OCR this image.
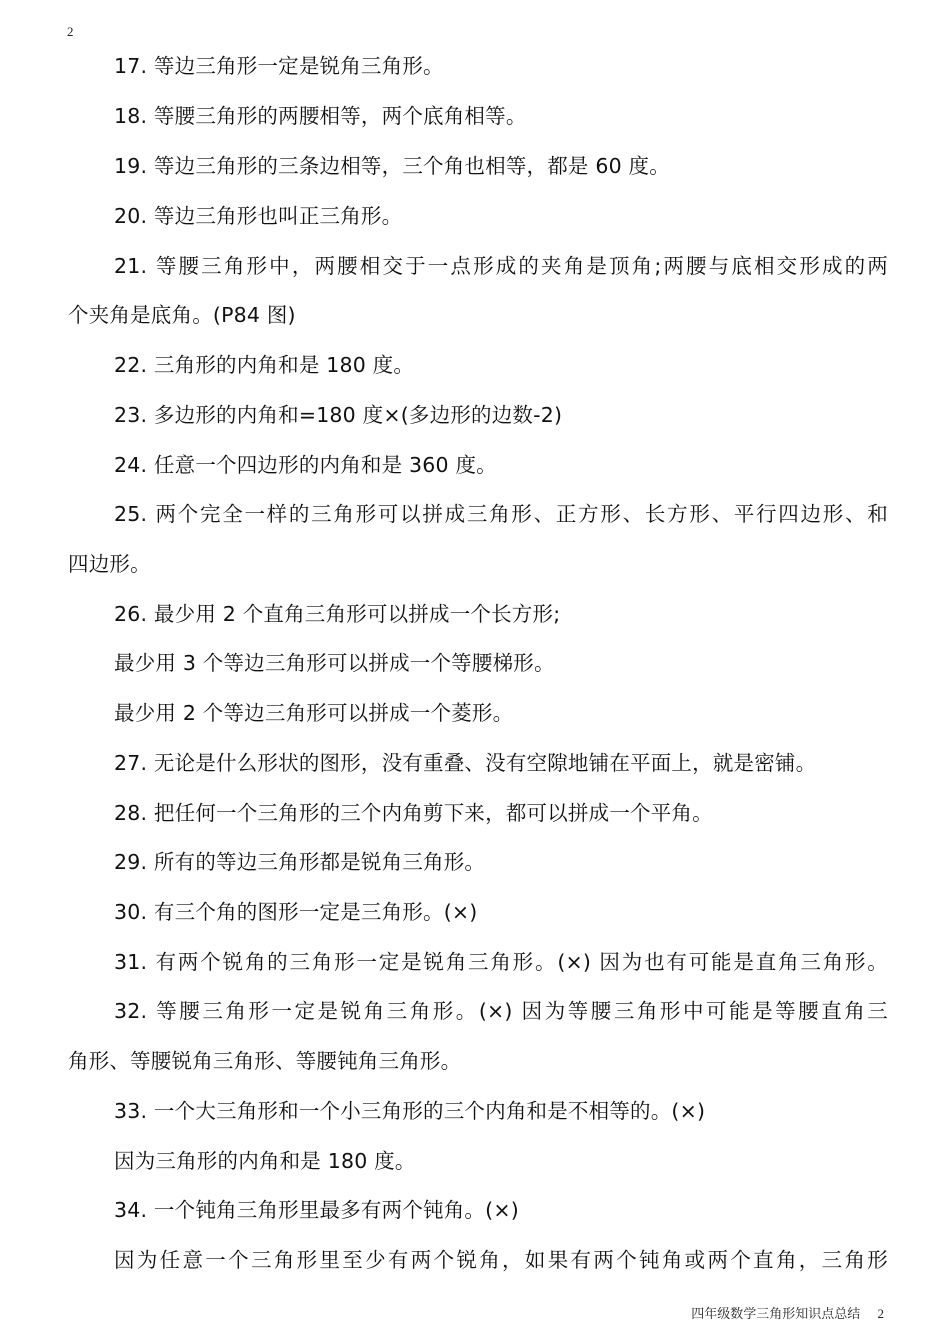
2
17. 等边三角形一定是锐角三角形。
18. 等腰三角形的两腰相等，两个底角相等。
19. 等边三角形的三条边相等，三个角也相等，都是 60 度。
20. 等边三角形也叫正三角形。
21. 等腰三角形中，两腰相交于一点形成的夹角是顶角;两腰与底相交形成的两
个夹角是底角。(P84 图)
22. 三角形的内角和是 180 度。
23. 多边形的内角和=180 度×(多边形的边数-2)
24. 任意一个四边形的内角和是 360 度。
25. 两个完全一样的三角形可以拼成三角形、正方形、长方形、平行四边形、和
四边形。
26. 最少用 2 个直角三角形可以拼成一个长方形;
最少用 3 个等边三角形可以拼成一个等腰梯形。
最少用 2 个等边三角形可以拼成一个菱形。
27. 无论是什么形状的图形，没有重叠、没有空隙地铺在平面上，就是密铺。
28. 把任何一个三角形的三个内角剪下来，都可以拼成一个平角。
29. 所有的等边三角形都是锐角三角形。
30. 有三个角的图形一定是三角形。(×)
31. 有两个锐角的三角形一定是锐角三角形。(×) 因为也有可能是直角三角形。
32. 等腰三角形一定是锐角三角形。(×) 因为等腰三角形中可能是等腰直角三
角形、等腰锐角三角形、等腰钝角三角形。
33. 一个大三角形和一个小三角形的三个内角和是不相等的。(×)
因为三角形的内角和是 180 度。
34. 一个钝角三角形里最多有两个钝角。(×)
因为任意一个三角形里至少有两个锐角，如果有两个钝角或两个直角，三角形
四年级数学三角形知识点总结 2
